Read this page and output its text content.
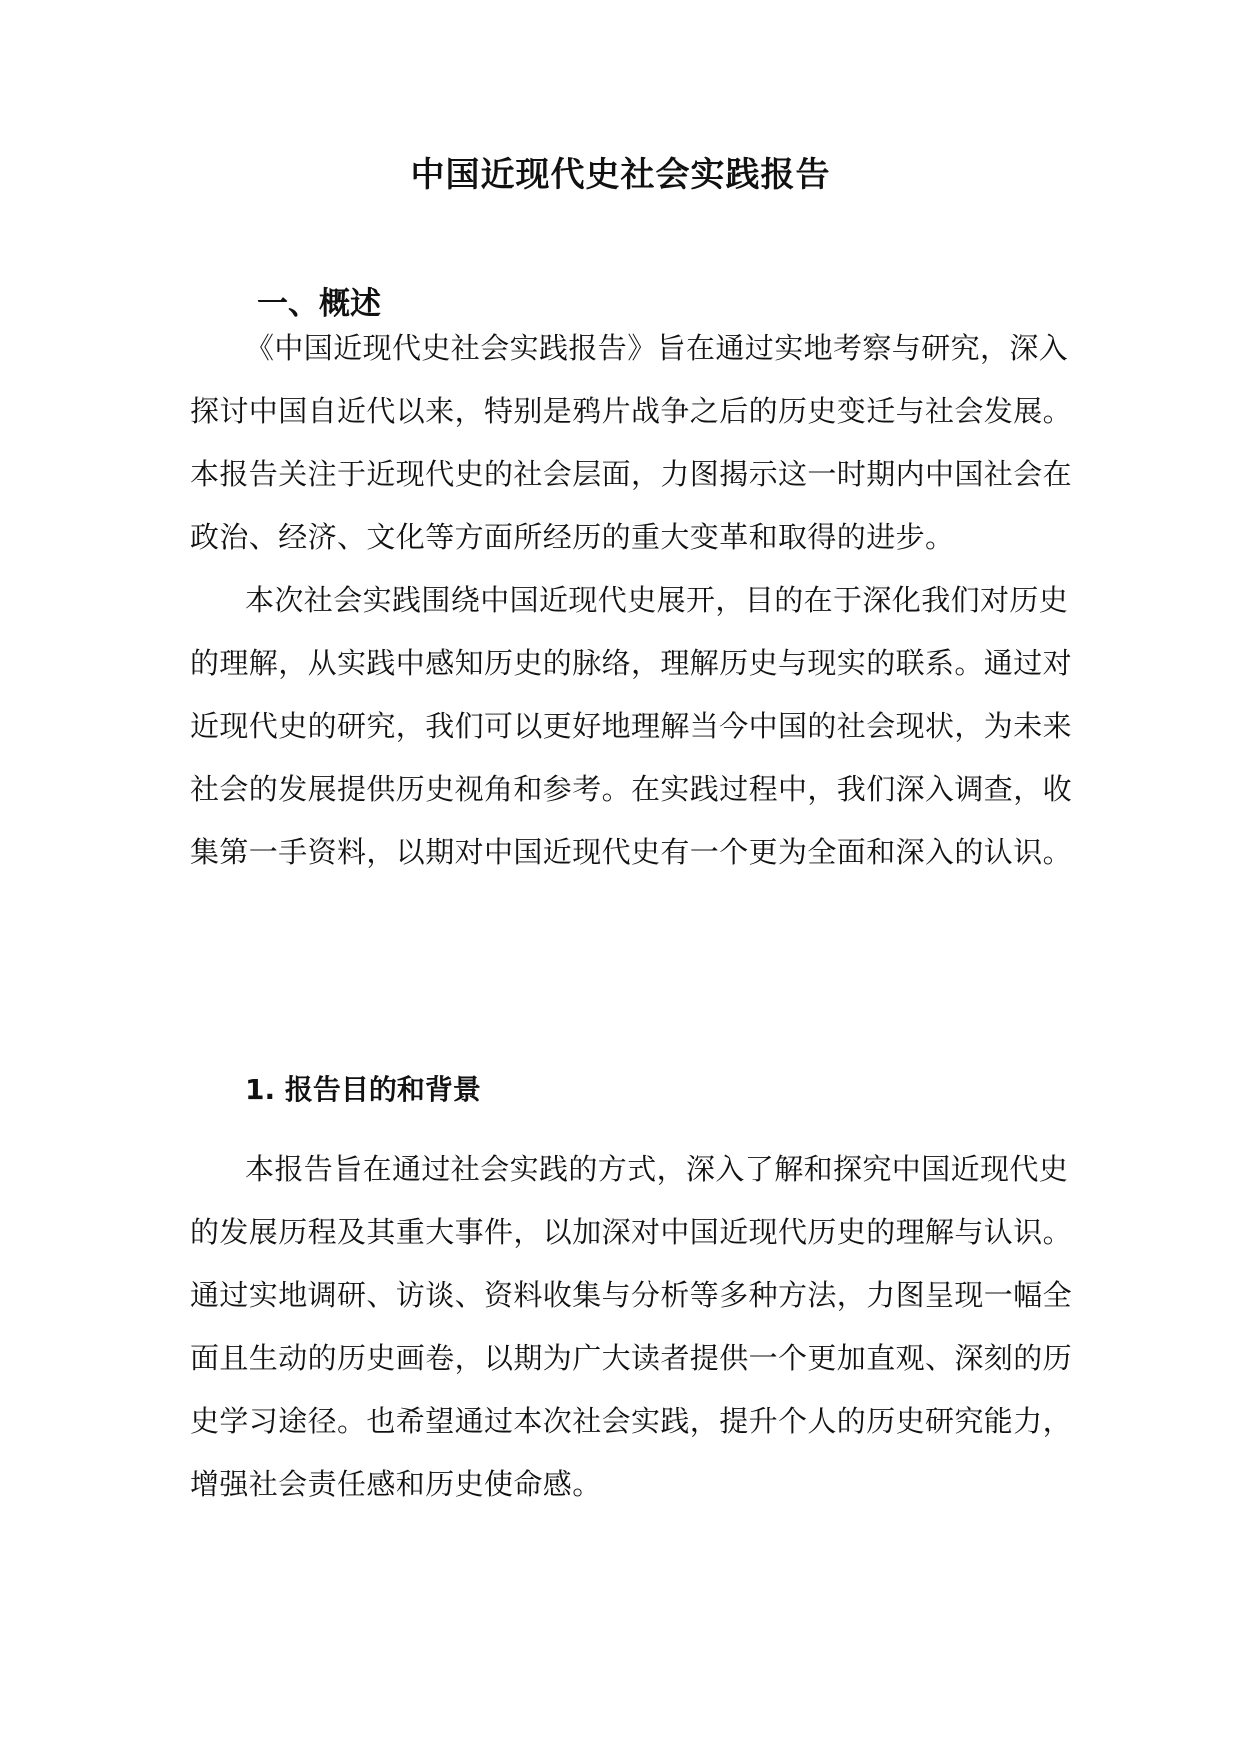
中国近现代史社会实践报告
一、概述
《中国近现代史社会实践报告》旨在通过实地考察与研究，深入
探讨中国自近代以来，特别是鸦片战争之后的历史变迁与社会发展。
本报告关注于近现代史的社会层面，力图揭示这一时期内中国社会在
政治、经济、文化等方面所经历的重大变革和取得的进步。
本次社会实践围绕中国近现代史展开，目的在于深化我们对历史
的理解，从实践中感知历史的脉络，理解历史与现实的联系。通过对
近现代史的研究，我们可以更好地理解当今中国的社会现状，为未来
社会的发展提供历史视角和参考。在实践过程中，我们深入调查，收
集第一手资料，以期对中国近现代史有一个更为全面和深入的认识。
1. 报告目的和背景
本报告旨在通过社会实践的方式，深入了解和探究中国近现代史
的发展历程及其重大事件，以加深对中国近现代历史的理解与认识。
通过实地调研、访谈、资料收集与分析等多种方法，力图呈现一幅全
面且生动的历史画卷，以期为广大读者提供一个更加直观、深刻的历
史学习途径。也希望通过本次社会实践，提升个人的历史研究能力，
增强社会责任感和历史使命感。
